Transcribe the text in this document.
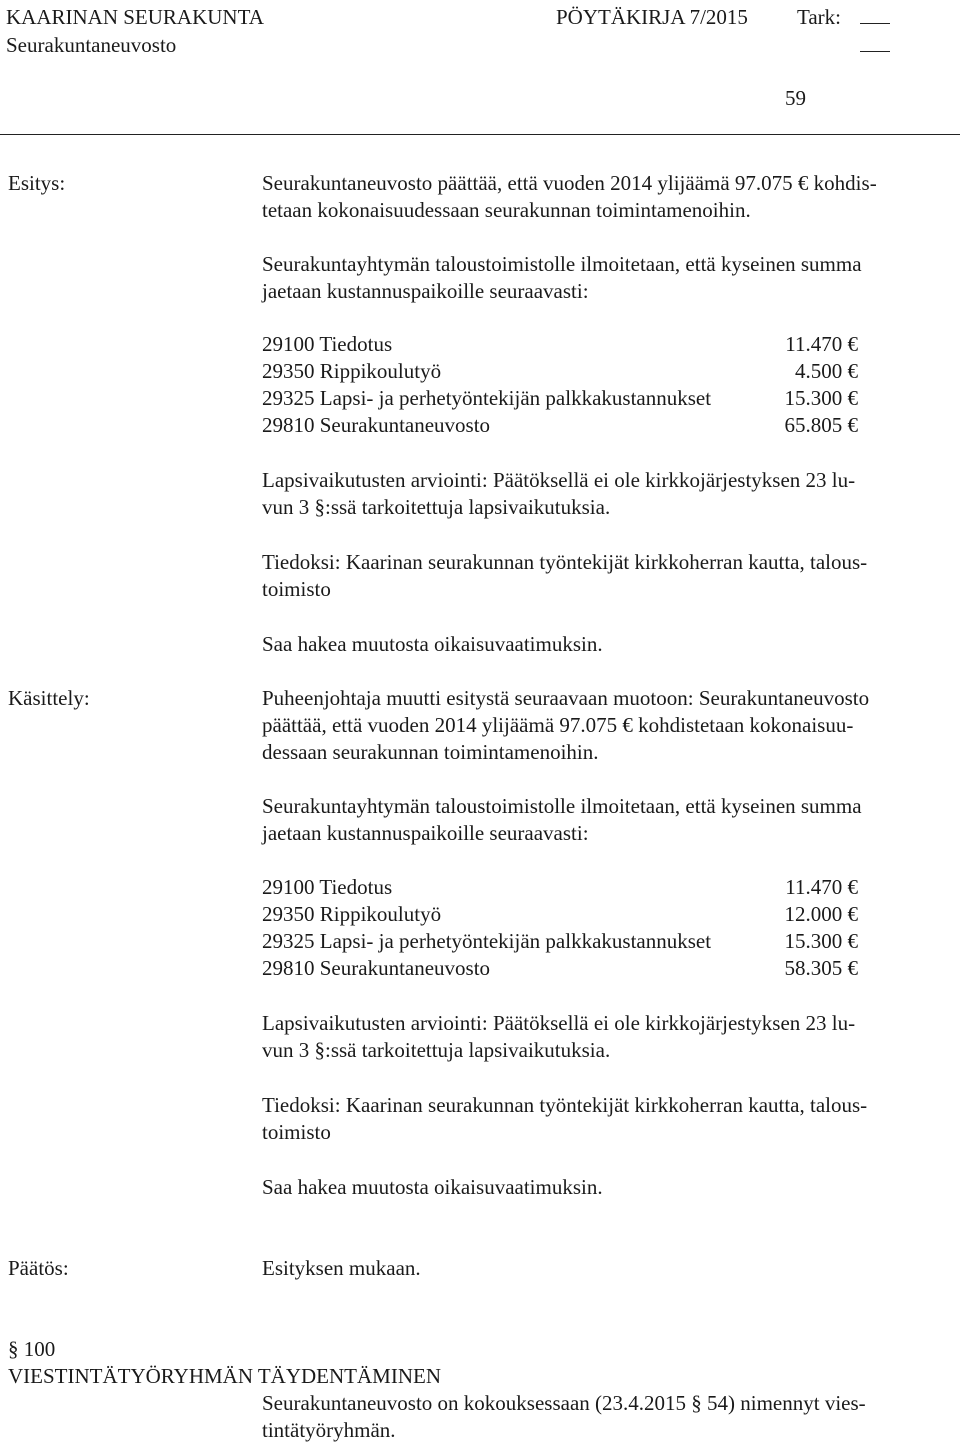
KAARINAN SEURAKUNTA
Seurakuntaneuvosto
PÖYTÄKIRJA 7/2015 Tark:
59
Esitys:	Seurakuntaneuvosto päättää, että vuoden 2014 ylijäämä 97.075 € kohdis-
tetaan kokonaisuudessaan seurakunnan toimintamenoihin.
Seurakuntayhtymän taloustoimistolle ilmoitetaan, että kyseinen summa
jaetaan kustannuspaikoille seuraavasti:
29100 Tiedotus	11.470 €
29350 Rippikoulutyö	4.500 €
29325 Lapsi- ja perhetyöntekijän palkkakustannukset	15.300 €
29810 Seurakuntaneuvosto	65.805 €
Lapsivaikutusten arviointi: Päätöksellä ei ole kirkkojärjestyksen 23 lu-
vun 3 §:ssä tarkoitettuja lapsivaikutuksia.
Tiedoksi: Kaarinan seurakunnan työntekijät kirkkoherran kautta, talous-
toimisto
Saa hakea muutosta oikaisuvaatimuksin.
Käsittely:	Puheenjohtaja muutti esitystä seuraavaan muotoon: Seurakuntaneuvosto
päättää, että vuoden 2014 ylijäämä 97.075 € kohdistetaan kokonaisuu-
dessaan seurakunnan toimintamenoihin.
Seurakuntayhtymän taloustoimistolle ilmoitetaan, että kyseinen summa
jaetaan kustannuspaikoille seuraavasti:
29100 Tiedotus	11.470 €
29350 Rippikoulutyö	12.000 €
29325 Lapsi- ja perhetyöntekijän palkkakustannukset	15.300 €
29810 Seurakuntaneuvosto	58.305 €
Lapsivaikutusten arviointi: Päätöksellä ei ole kirkkojärjestyksen 23 lu-
vun 3 §:ssä tarkoitettuja lapsivaikutuksia.
Tiedoksi: Kaarinan seurakunnan työntekijät kirkkoherran kautta, talous-
toimisto
Saa hakea muutosta oikaisuvaatimuksin.
Päätös:	Esityksen mukaan.
§ 100
VIESTINTÄTYÖRYHMÄN TÄYDENTÄMINEN
Seurakuntaneuvosto on kokouksessaan (23.4.2015 § 54) nimennyt vies-
tintätyöryhmän.
